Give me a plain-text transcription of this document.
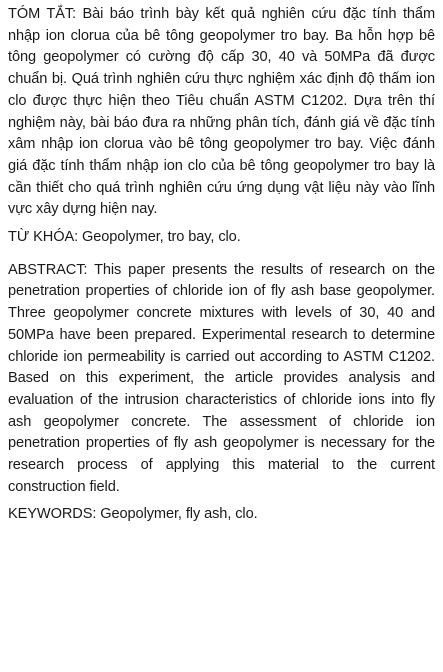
TÓM TẮT: Bài báo trình bày kết quả nghiên cứu đặc tính thẩm nhập ion clorua của bê tông geopolymer tro bay. Ba hỗn hợp bê tông geopolymer có cường độ cấp 30, 40 và 50MPa đã được chuẩn bị. Quá trình nghiên cứu thực nghiệm xác định độ thấm ion clo được thực hiện theo Tiêu chuẩn ASTM C1202. Dựa trên thí nghiệm này, bài báo đưa ra những phân tích, đánh giá về đặc tính xâm nhập ion clorua vào bê tông geopolymer tro bay. Việc đánh giá đặc tính thẩm nhập ion clo của bê tông geopolymer tro bay là cần thiết cho quá trình nghiên cứu ứng dụng vật liệu này vào lĩnh vực xây dựng hiện nay.

TỪ KHÓA: Geopolymer, tro bay, clo.

ABSTRACT: This paper presents the results of research on the penetration properties of chloride ion of fly ash base geopolymer. Three geopolymer concrete mixtures with levels of 30, 40 and 50MPa have been prepared. Experimental research to determine chloride ion permeability is carried out according to ASTM C1202. Based on this experiment, the article provides analysis and evaluation of the intrusion characteristics of chloride ions into fly ash geopolymer concrete. The assessment of chloride ion penetration properties of fly ash geopolymer is necessary for the research process of applying this material to the current construction field.

KEYWORDS: Geopolymer, fly ash, clo.
